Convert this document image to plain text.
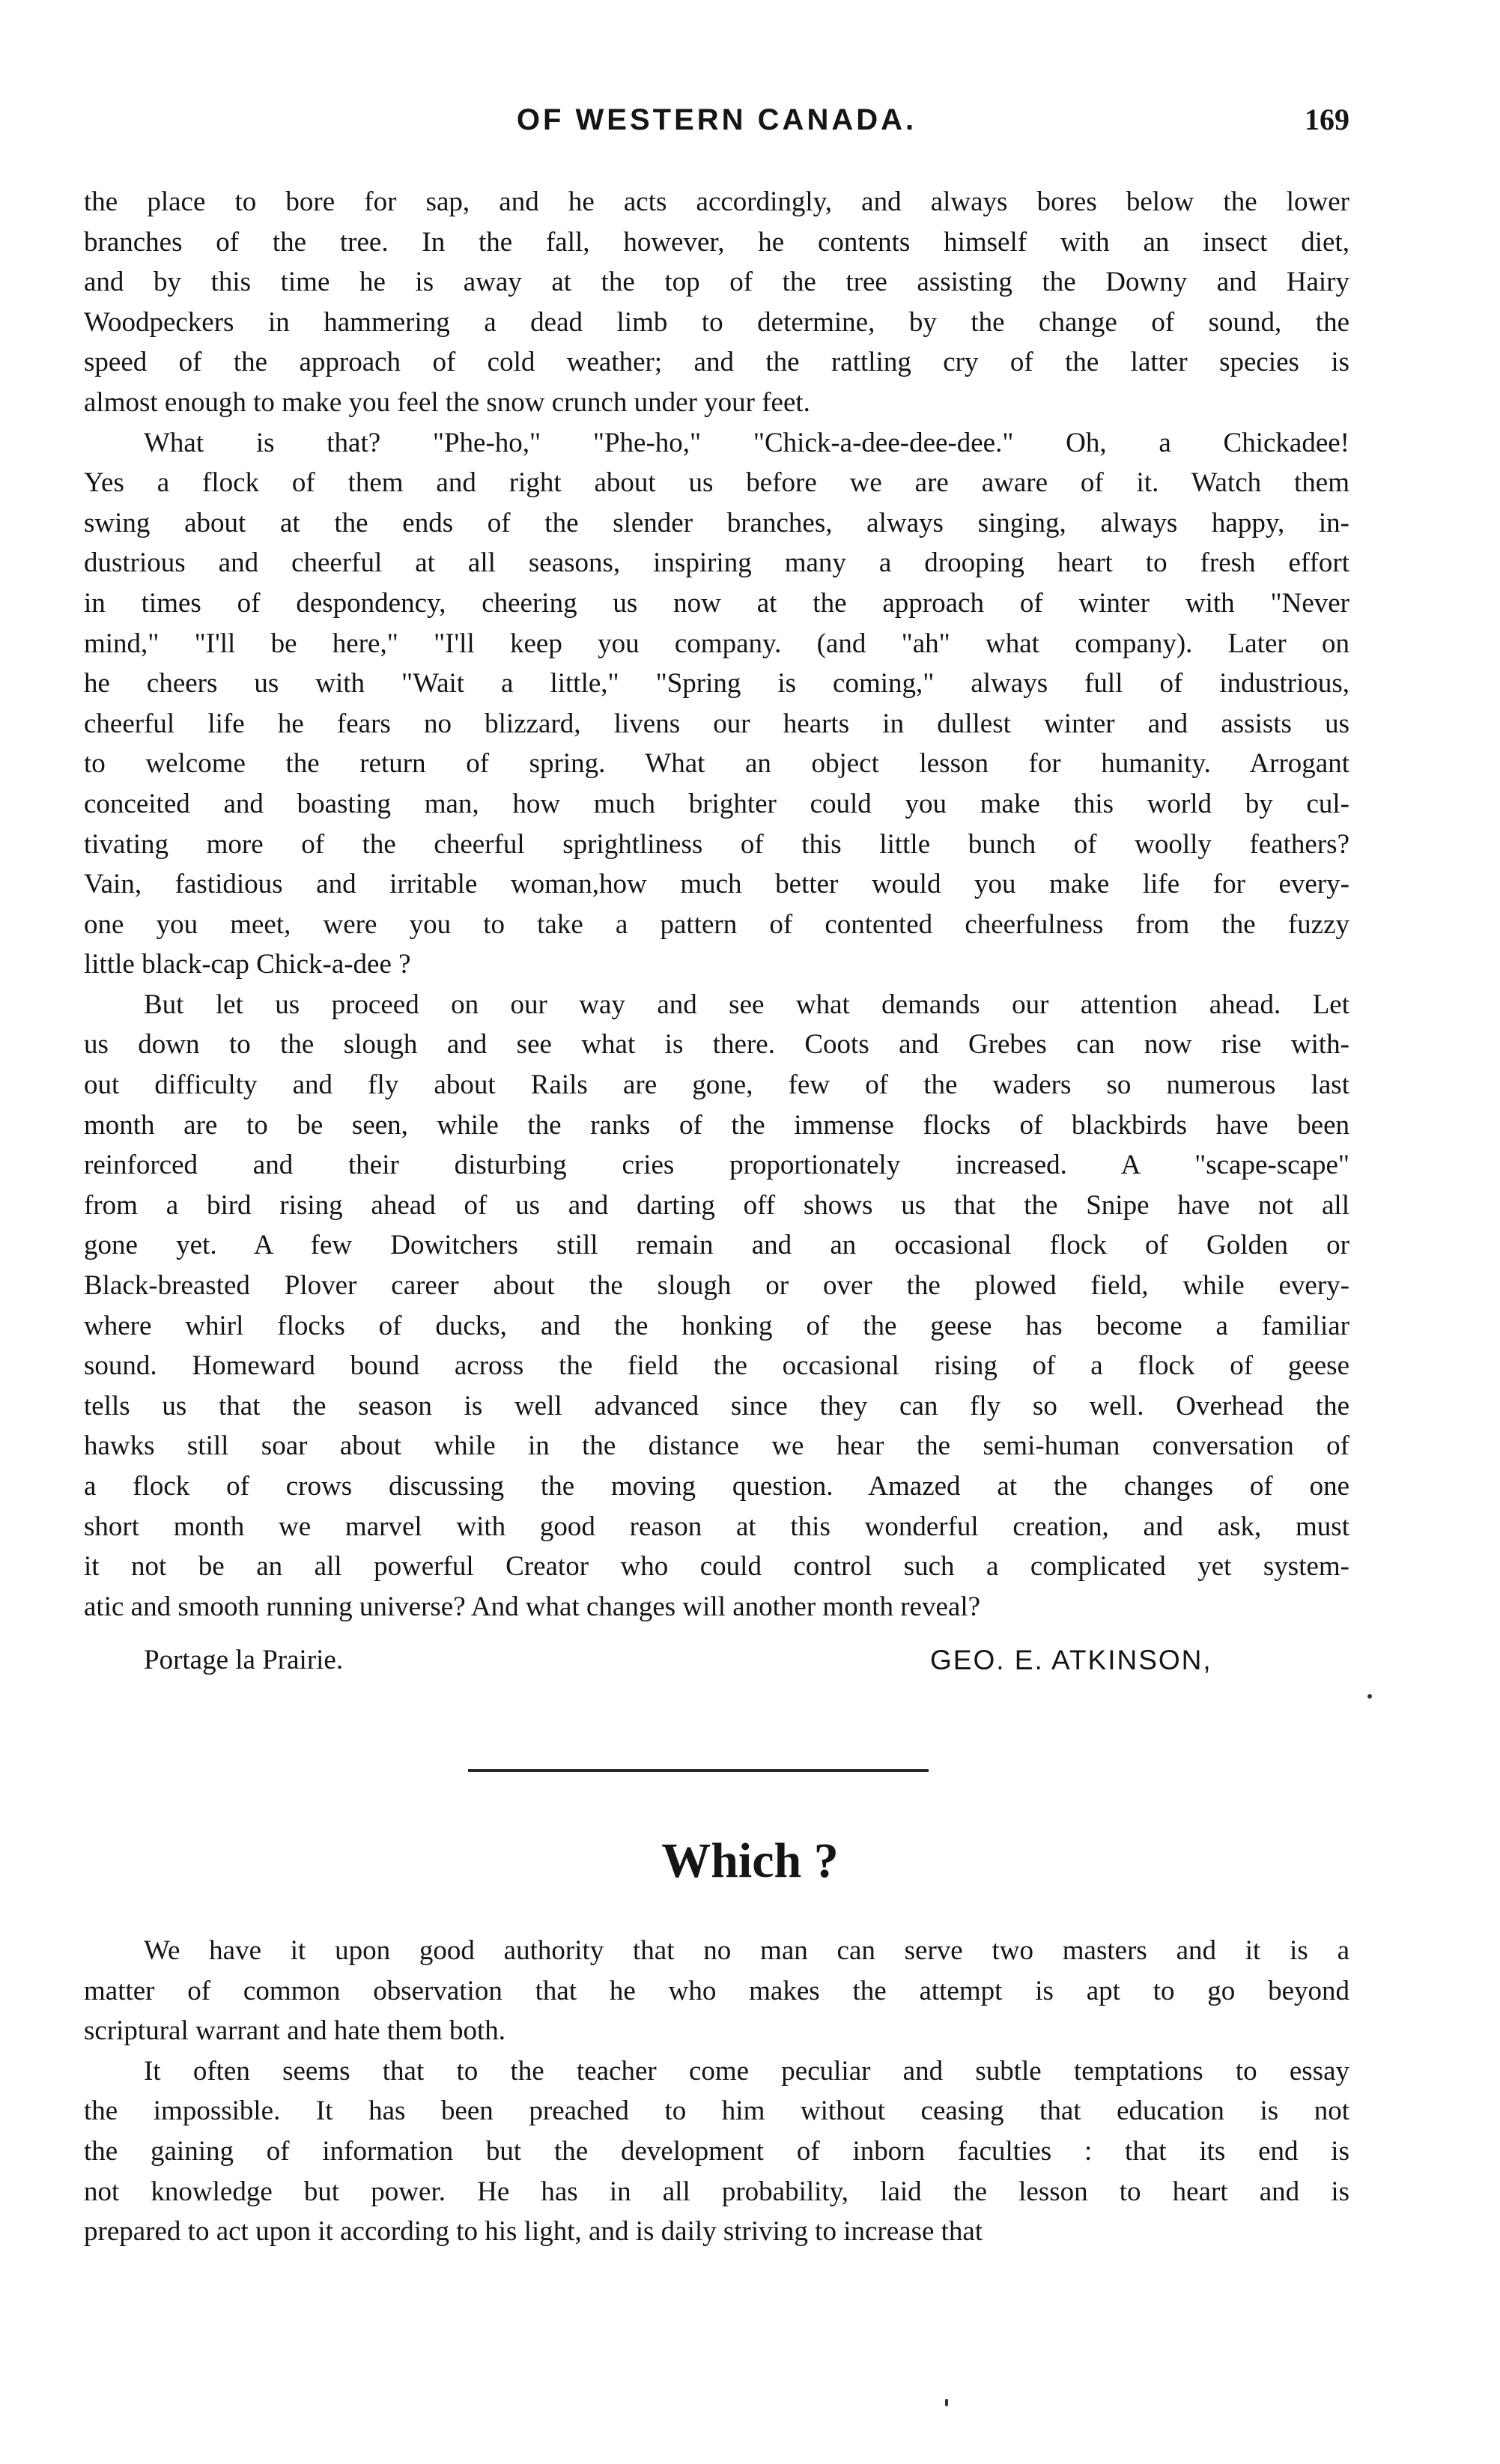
OF WESTERN CANADA.	169

the place to bore for sap, and he acts accordingly, and always bores below the lower
branches of the tree. In the fall, however, he contents himself with an insect diet,
and by this time he is away at the top of the tree assisting the Downy and Hairy
Woodpeckers in hammering a dead limb to determine, by the change of sound, the
speed of the approach of cold weather; and the rattling cry of the latter species is
almost enough to make you feel the snow crunch under your feet.

What is that? "Phe-ho," "Phe-ho," "Chick-a-dee-dee-dee." Oh, a Chickadee!
Yes a flock of them and right about us before we are aware of it. Watch them
swing about at the ends of the slender branches, always singing, always happy, in-
dustrious and cheerful at all seasons, inspiring many a drooping heart to fresh effort
in times of despondency, cheering us now at the approach of winter with "Never
mind," "I'll be here," "I'll keep you company. (and "ah" what company). Later on
he cheers us with "Wait a little," "Spring is coming," always full of industrious,
cheerful life he fears no blizzard, livens our hearts in dullest winter and assists us
to welcome the return of spring. What an object lesson for humanity. Arrogant
conceited and boasting man, how much brighter could you make this world by cul-
tivating more of the cheerful sprightliness of this little bunch of woolly feathers?
Vain, fastidious and irritable woman,how much better would you make life for every-
one you meet, were you to take a pattern of contented cheerfulness from the fuzzy
little black-cap Chick-a-dee ?

But let us proceed on our way and see what demands our attention ahead. Let
us down to the slough and see what is there. Coots and Grebes can now rise with-
out difficulty and fly about Rails are gone, few of the waders so numerous last
month are to be seen, while the ranks of the immense flocks of blackbirds have been
reinforced and their disturbing cries proportionately increased. A "scape-scape"
from a bird rising ahead of us and darting off shows us that the Snipe have not all
gone yet. A few Dowitchers still remain and an occasional flock of Golden or
Black-breasted Plover career about the slough or over the plowed field, while every-
where whirl flocks of ducks, and the honking of the geese has become a familiar
sound. Homeward bound across the field the occasional rising of a flock of geese
tells us that the season is well advanced since they can fly so well. Overhead the
hawks still soar about while in the distance we hear the semi-human conversation of
a flock of crows discussing the moving question. Amazed at the changes of one
short month we marvel with good reason at this wonderful creation, and ask, must
it not be an all powerful Creator who could control such a complicated yet system-
atic and smooth running universe? And what changes will another month reveal?

Portage la Prairie.	GEO. E. ATKINSON,
Which ?

We have it upon good authority that no man can serve two masters and it is a
matter of common observation that he who makes the attempt is apt to go beyond
scriptural warrant and hate them both.

It often seems that to the teacher come peculiar and subtle temptations to essay
the impossible. It has been preached to him without ceasing that education is not
the gaining of information but the development of inborn faculties : that its end is
not knowledge but power. He has in all probability, laid the lesson to heart and is
prepared to act upon it according to his light, and is daily striving to increase that
